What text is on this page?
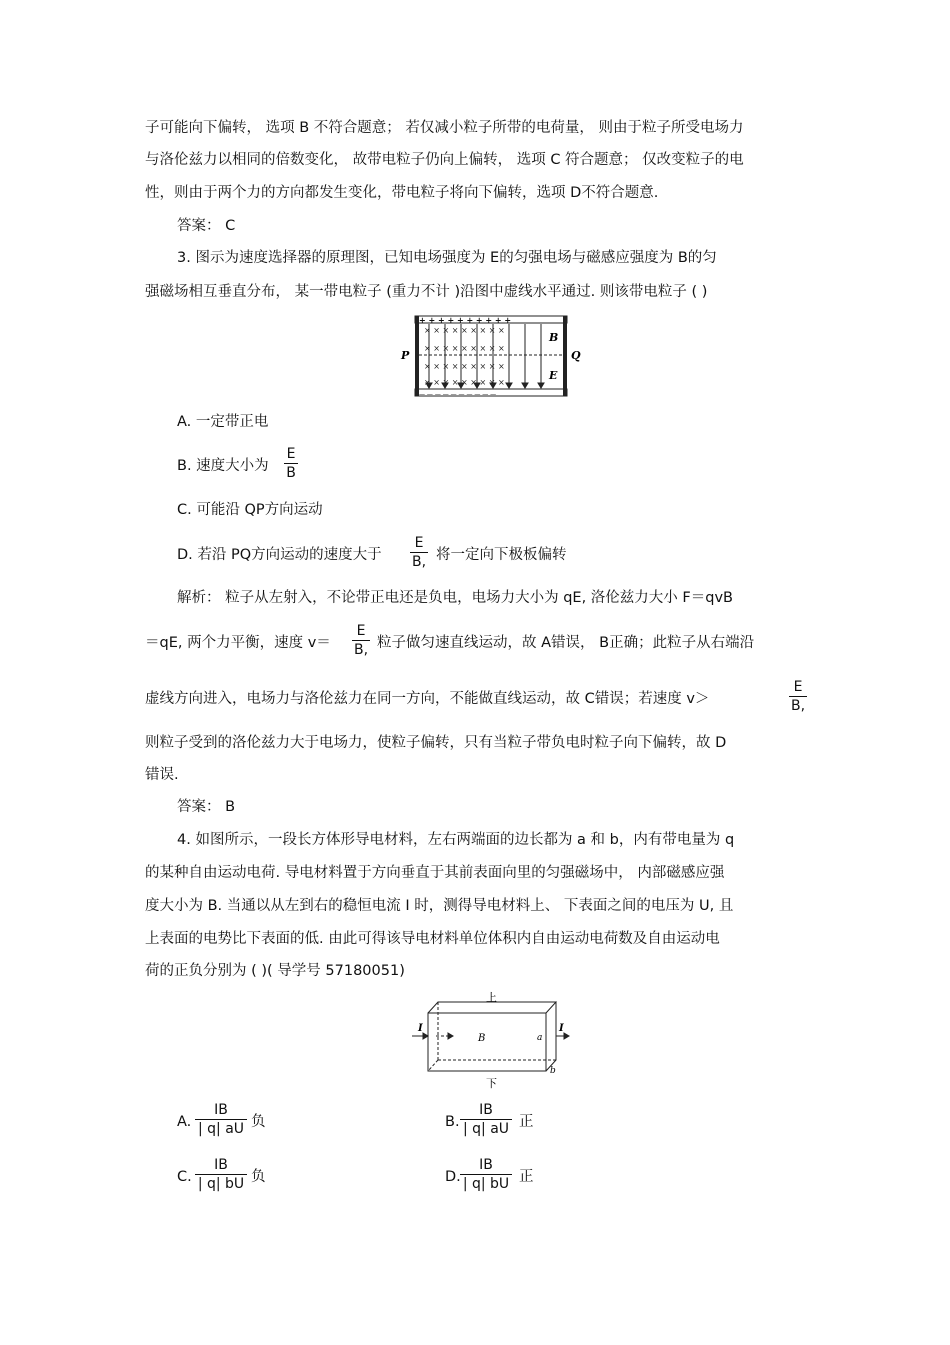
子可能向下偏转， 选项 B 不符合题意； 若仅减小粒子所带的电荷量， 则由于粒子所受电场力
与洛伦兹力以相同的倍数变化， 故带电粒子仍向上偏转， 选项 C 符合题意； 仅改变粒子的电
性，则由于两个力的方向都发生变化，带电粒子将向下偏转，选项 D不符合题意.
答案： C
3. 图示为速度选择器的原理图，已知电场强度为 E的匀强电场与磁感应强度为 B的匀
强磁场相互垂直分布， 某一带电粒子 (重力不计 )沿图中虚线水平通过. 则该带电粒子 ( )
+ + + + + + + + + +
— — — — — — — — — —
× × × × × × × × ×
× × × × × × × × ×
× × × × × × × × ×
× × × × × × × × ×
P	Q
B
E
A. 一定带正电
B. 速度大小为
E
B
C. 可能沿 QP方向运动
D. 若沿 PQ方向运动的速度大于
E
B, 将一定向下极板偏转
解析： 粒子从左射入，不论带正电还是负电，电场力大小为 qE, 洛伦兹力大小 F＝qvB
＝qE, 两个力平衡，速度 v＝
E
B, 粒子做匀速直线运动，故 A错误， B正确；此粒子从右端沿
虚线方向进入，电场力与洛伦兹力在同一方向，不能做直线运动，故 C错误；若速度 v＞
E
B,
则粒子受到的洛伦兹力大于电场力，使粒子偏转，只有当粒子带负电时粒子向下偏转，故 D
错误.
答案： B
4. 如图所示，一段长方体形导电材料，左右两端面的边长都为 a 和 b，内有带电量为 q
的某种自由运动电荷. 导电材料置于方向垂直于其前表面向里的匀强磁场中， 内部磁感应强
度大小为 B. 当通以从左到右的稳恒电流 I 时，测得导电材料上、 下表面之间的电压为 U, 且
上表面的电势比下表面的低. 由此可得该导电材料单位体积内自由运动电荷数及自由运动电
荷的正负分别为 ( )( 导学号 57180051)
I	I
B	a
b
上
下
A.
IB
| q| aU 负	B.
IB
| q| aU 正
C.
IB
| q| bU 负	D.
IB
| q| bU 正
